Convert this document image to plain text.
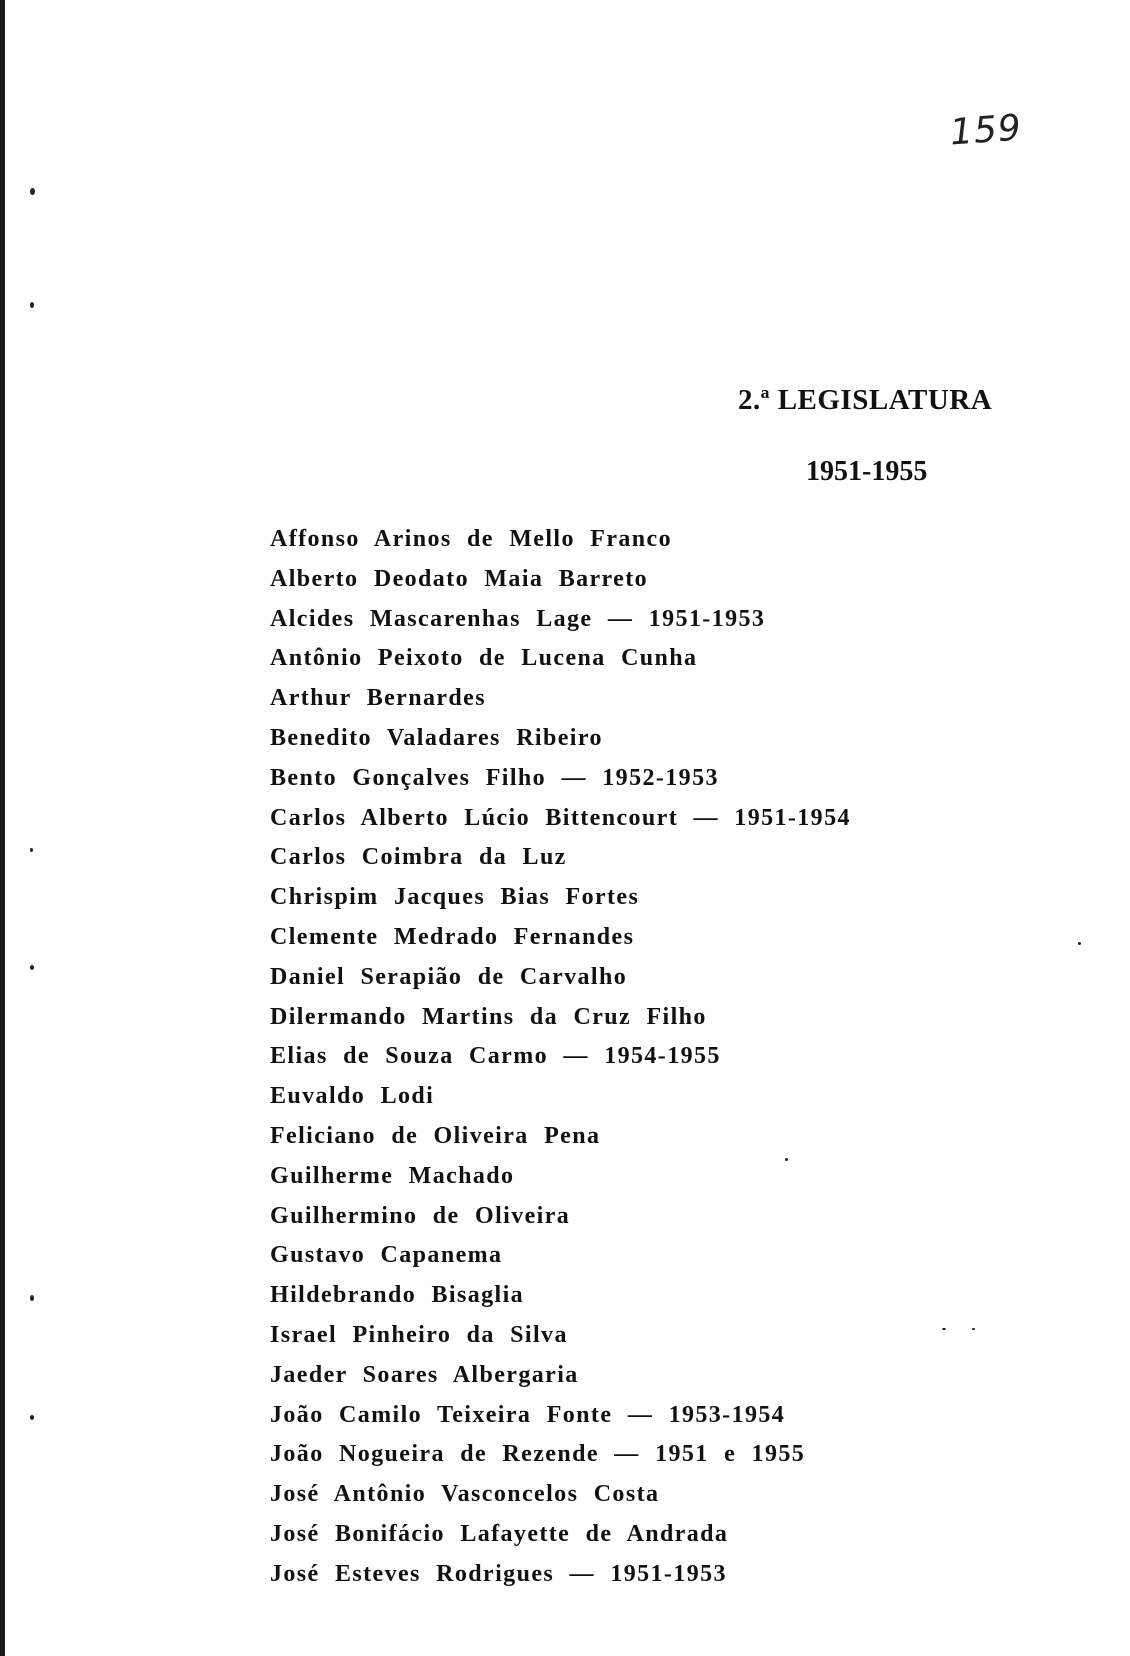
159
2.ª LEGISLATURA
1951-1955
Affonso Arinos de Mello Franco
Alberto Deodato Maia Barreto
Alcides Mascarenhas Lage — 1951-1953
Antônio Peixoto de Lucena Cunha
Arthur Bernardes
Benedito Valadares Ribeiro
Bento Gonçalves Filho — 1952-1953
Carlos Alberto Lúcio Bittencourt — 1951-1954
Carlos Coimbra da Luz
Chrispim Jacques Bias Fortes
Clemente Medrado Fernandes
Daniel Serapião de Carvalho
Dilermando Martins da Cruz Filho
Elias de Souza Carmo — 1954-1955
Euvaldo Lodi
Feliciano de Oliveira Pena
Guilherme Machado
Guilhermino de Oliveira
Gustavo Capanema
Hildebrando Bisaglia
Israel Pinheiro da Silva
Jaeder Soares Albergaria
João Camilo Teixeira Fonte — 1953-1954
João Nogueira de Rezende — 1951 e 1955
José Antônio Vasconcelos Costa
José Bonifácio Lafayette de Andrada
José Esteves Rodrigues — 1951-1953
